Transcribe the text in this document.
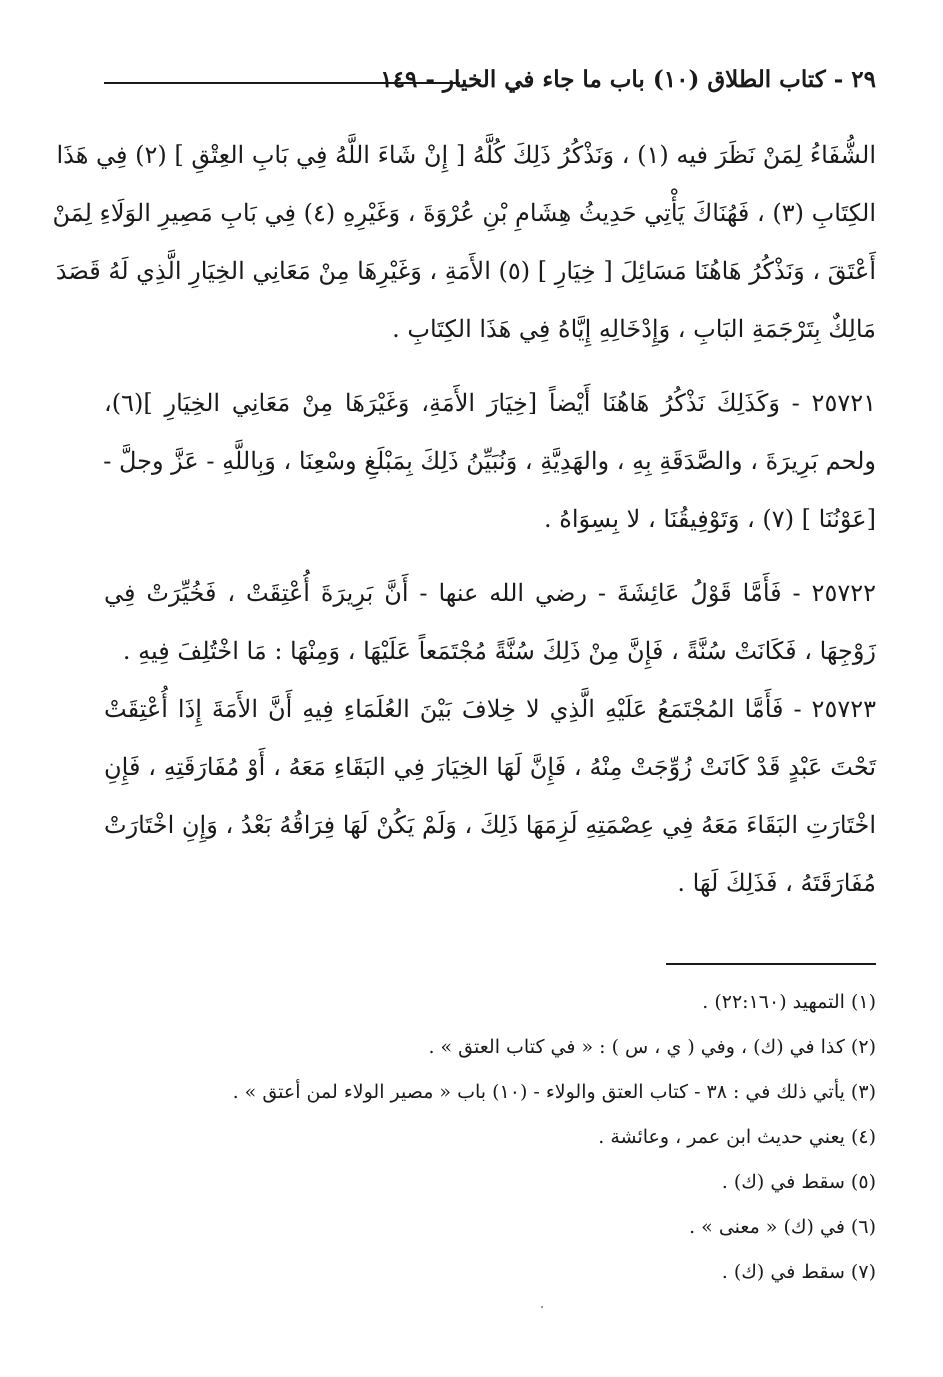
٢٩ - كتاب الطلاق (١٠) باب ما جاء في الخيار - ١٤٩
الشُّفَاءُ لِمَنْ نَظَرَ فيه (١) ، وَنَذْكُرُ ذَلِكَ كُلَّهُ [ إِنْ شَاءَ اللَّهُ فِي بَابِ العِتْقِ ] (٢) فِي هَذَا
الكِتَابِ (٣) ، فَهُنَاكَ يَأْتِي حَدِيثُ هِشَامِ بْنِ عُرْوَةَ ، وَغَيْرِهِ (٤) فِي بَابِ مَصِيرِ الوَلَاءِ لِمَنْ
أَعْتَقَ ، وَنَذْكُرُ هَاهُنَا مَسَائِلَ [ خِيَارِ ] (٥) الأَمَةِ ، وَغَيْرِهَا مِنْ مَعَانِي الخِيَارِ الَّذِي لَهُ قَصَدَ
مَالِكٌ بِتَرْجَمَةِ البَابِ ، وَإِدْخَالِهِ إِيَّاهُ فِي هَذَا الكِتَابِ .
٢٥٧٢١ - وَكَذَلِكَ نَذْكُرُ هَاهُنَا أَيْضاً [خِيَارَ الأَمَةِ، وَغَيْرَهَا مِنْ مَعَانِي الخِيَارِ ](٦)،
ولحم بَرِيرَةَ ، والصَّدَقَةِ بِهِ ، والهَدِيَّةِ ، وَنُبَيِّنُ ذَلِكَ بِمَبْلَغِ وسْعِنَا ، وَبِاللَّهِ - عَزَّ وجلَّ -
[عَوْنُنَا ] (٧) ، وَتَوْفِيقُنَا ، لا بِسِوَاهُ .
٢٥٧٢٢ - فَأَمَّا قَوْلُ عَائِشَةَ - رضي الله عنها - أَنَّ بَرِيرَةَ أُعْتِقَتْ ، فَخُيِّرَتْ فِي
زَوْجِهَا ، فَكَانَتْ سُنَّةً ، فَإِنَّ مِنْ ذَلِكَ سُنَّةً مُجْتَمَعاً عَلَيْهَا ، وَمِنْهَا : مَا اخْتُلِفَ فِيهِ .
٢٥٧٢٣ - فَأَمَّا المُجْتَمَعُ عَلَيْهِ الَّذِي لا خِلافَ بَيْنَ العُلَمَاءِ فِيهِ أَنَّ الأَمَةَ إِذَا أُعْتِقَتْ
تَحْتَ عَبْدٍ قَدْ كَانَتْ زُوِّجَتْ مِنْهُ ، فَإِنَّ لَهَا الخِيَارَ فِي البَقَاءِ مَعَهُ ، أَوْ مُفَارَقَتِهِ ، فَإِنِ
اخْتَارَتِ البَقَاءَ مَعَهُ فِي عِصْمَتِهِ لَزِمَهَا ذَلِكَ ، وَلَمْ يَكُنْ لَهَا فِرَاقُهُ بَعْدُ ، وَإِنِ اخْتَارَتْ
مُفَارَقَتَهُ ، فَذَلِكَ لَهَا .
(١) التمهيد (٢٢:١٦٠) .
(٢) كذا في (ك) ، وفي ( ي ، س ) : « في كتاب العتق » .
(٣) يأتي ذلك في : ٣٨ - كتاب العتق والولاء - (١٠) باب « مصير الولاء لمن أعتق » .
(٤) يعني حديث ابن عمر ، وعائشة .
(٥) سقط في (ك) .
(٦) في (ك) « معنى » .
(٧) سقط في (ك) .
